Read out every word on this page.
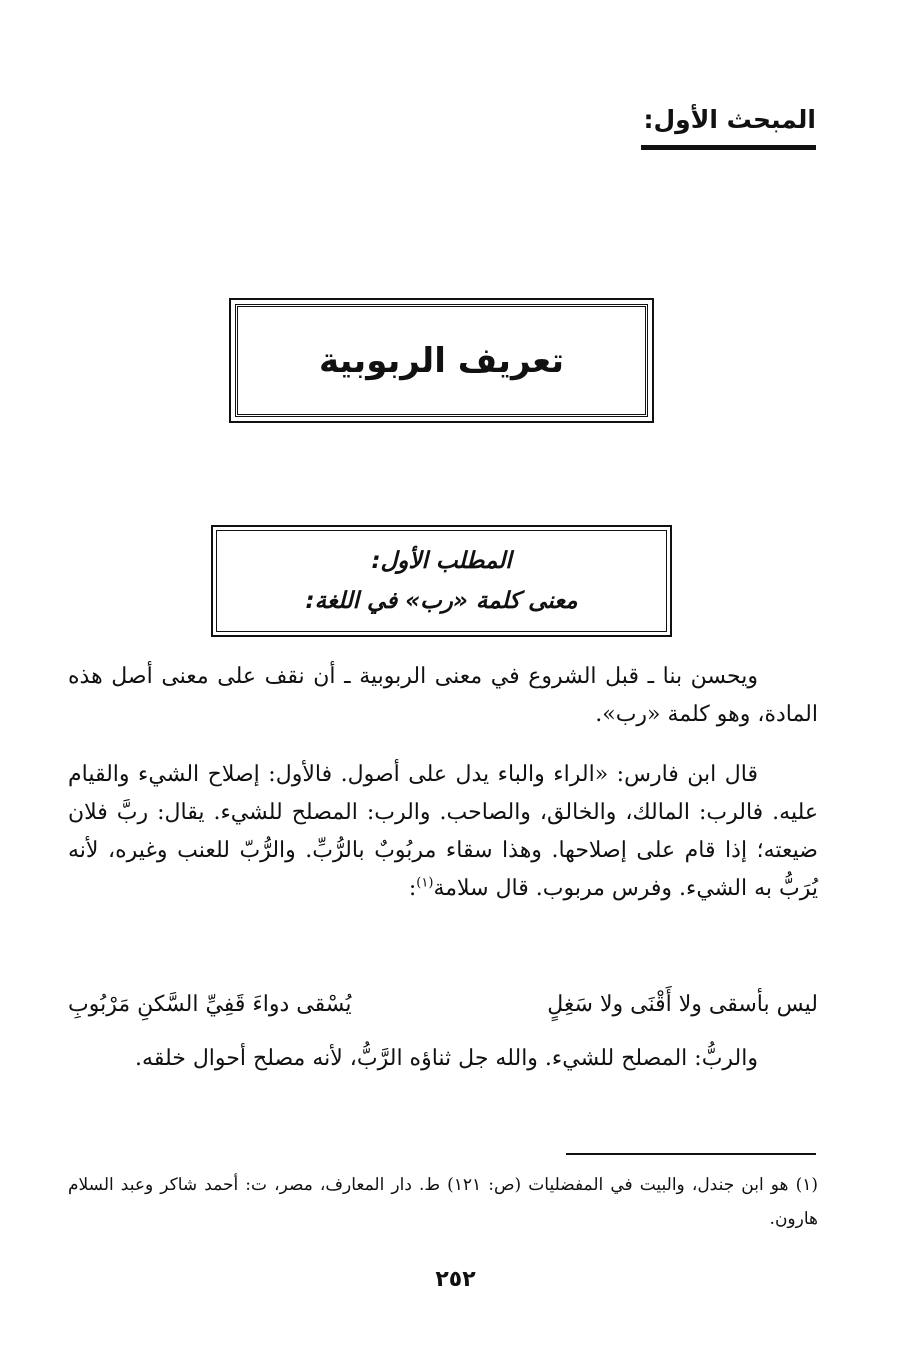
المبحث الأول:
تعريف الربوبية
المطلب الأول:
معنى كلمة «رب» في اللغة:
ويحسن بنا ـ قبل الشروع في معنى الربوبية ـ أن نقف على معنى أصل هذه المادة، وهو كلمة «رب».
قال ابن فارس: «الراء والباء يدل على أصول. فالأول: إصلاح الشيء والقيام عليه. فالرب: المالك، والخالق، والصاحب. والرب: المصلح للشيء. يقال: ربَّ فلان ضيعته؛ إذا قام على إصلاحها. وهذا سقاء مربُوبٌ بالرُّبِّ. والرُّبّ للعنب وغيره، لأنه يُرَبُّ به الشيء. وفرس مربوب. قال سلامة$^{(١)}$:
ليس بأسقى ولا أَقْنَى ولا سَغِلٍ
يُسْقى دواءَ قَفِيِّ السَّكنِ مَرْبُوبِ
والربُّ: المصلح للشيء. والله جل ثناؤه الرَّبُّ، لأنه مصلح أحوال خلقه.
(١) هو ابن جندل، والبيت في المفضليات (ص: ١٢١) ط. دار المعارف، مصر، ت: أحمد شاكر وعبد السلام هارون.
٢٥٢
